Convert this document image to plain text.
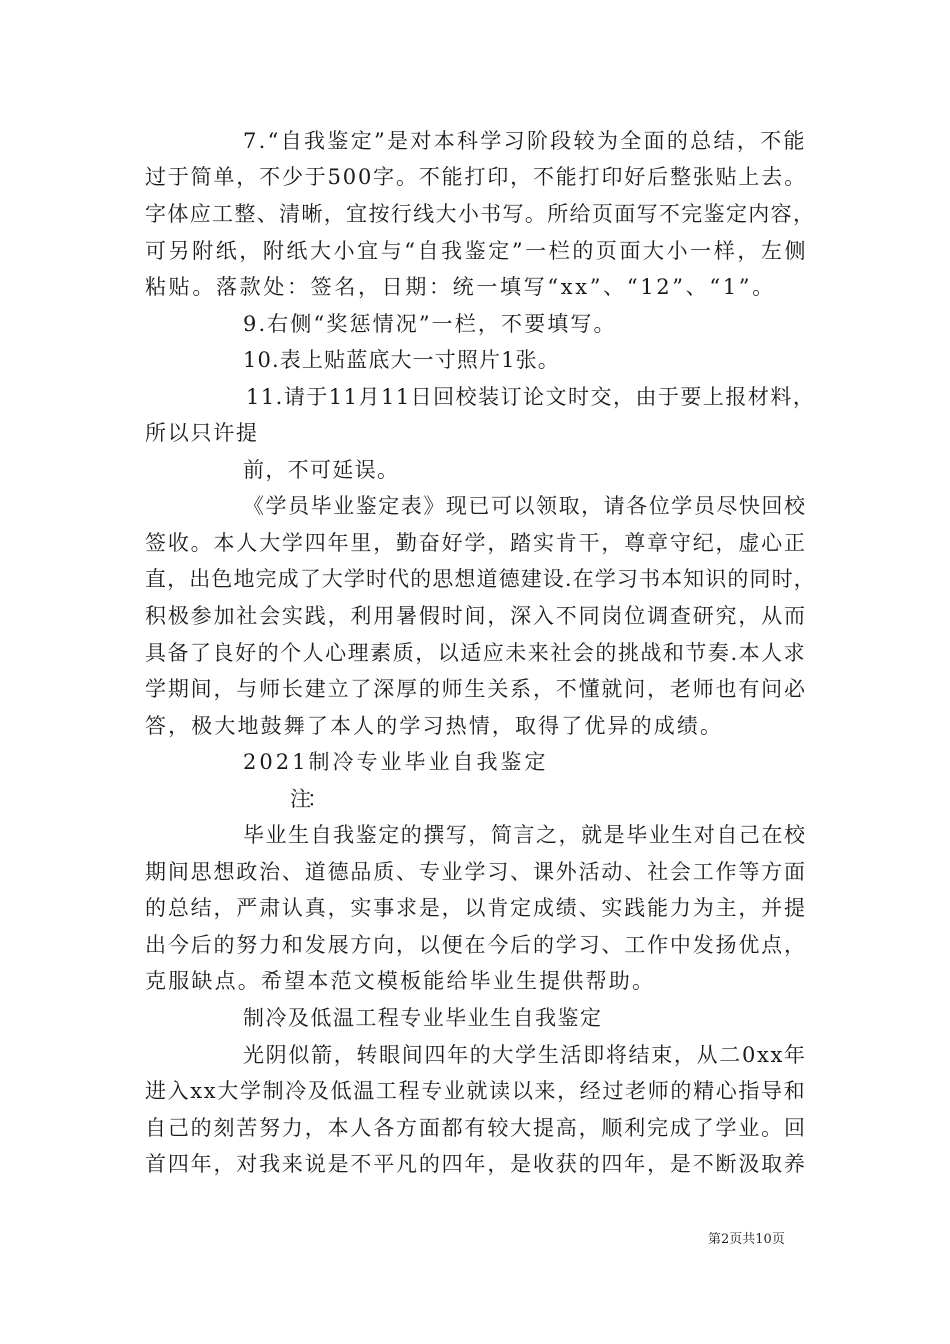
7.“自我鉴定”是对本科学习阶段较为全面的总结，不能
过于简单，不少于500字。不能打印，不能打印好后整张贴上去。
字体应工整、清晰，宜按行线大小书写。所给页面写不完鉴定内容，
可另附纸，附纸大小宜与“自我鉴定”一栏的页面大小一样，左侧
粘贴。落款处：签名，日期：统一填写“xx”、“12”、“1”。
9.右侧“奖惩情况”一栏，不要填写。
10.表上贴蓝底大一寸照片1张。
11.请于11月11日回校装订论文时交，由于要上报材料，
所以只许提
前，不可延误。
《学员毕业鉴定表》现已可以领取，请各位学员尽快回校
签收。本人大学四年里，勤奋好学，踏实肯干，尊章守纪，虚心正
直，出色地完成了大学时代的思想道德建设.在学习书本知识的同时，
积极参加社会实践，利用暑假时间，深入不同岗位调查研究，从而
具备了良好的个人心理素质，以适应未来社会的挑战和节奏.本人求
学期间，与师长建立了深厚的师生关系，不懂就问，老师也有问必
答，极大地鼓舞了本人的学习热情，取得了优异的成绩。
2021制冷专业毕业自我鉴定
注：
毕业生自我鉴定的撰写，简言之，就是毕业生对自己在校
期间思想政治、道德品质、专业学习、课外活动、社会工作等方面
的总结，严肃认真，实事求是，以肯定成绩、实践能力为主，并提
出今后的努力和发展方向，以便在今后的学习、工作中发扬优点，
克服缺点。希望本范文模板能给毕业生提供帮助。
制冷及低温工程专业毕业生自我鉴定
光阴似箭，转眼间四年的大学生活即将结束，从二0xx年
进入xx大学制冷及低温工程专业就读以来，经过老师的精心指导和
自己的刻苦努力，本人各方面都有较大提高，顺利完成了学业。回
首四年，对我来说是不平凡的四年，是收获的四年，是不断汲取养
第2页共10页
